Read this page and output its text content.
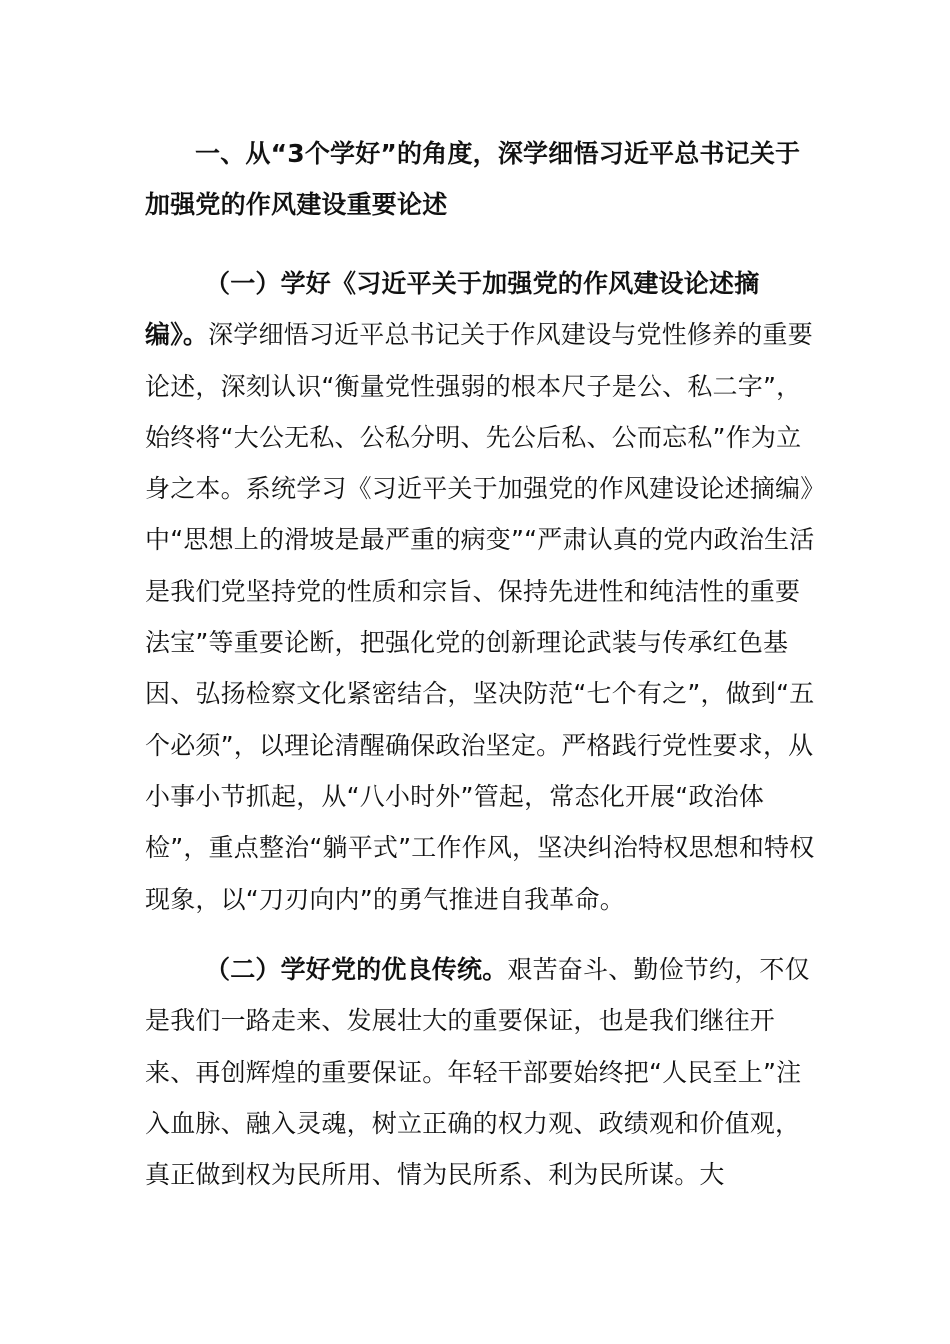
一、从“3个学好”的角度，深学细悟习近平总书记关于加强党的作风建设重要论述

（一）学好《习近平关于加强党的作风建设论述摘编》。深学细悟习近平总书记关于作风建设与党性修养的重要论述，深刻认识“衡量党性强弱的根本尺子是公、私二字”，始终将“大公无私、公私分明、先公后私、公而忘私”作为立身之本。系统学习《习近平关于加强党的作风建设论述摘编》中“思想上的滑坡是最严重的病变”“严肃认真的党内政治生活是我们党坚持党的性质和宗旨、保持先进性和纯洁性的重要法宝”等重要论断，把强化党的创新理论武装与传承红色基因、弘扬检察文化紧密结合，坚决防范“七个有之”，做到“五个必须”，以理论清醒确保政治坚定。严格践行党性要求，从小事小节抓起，从“八小时外”管起，常态化开展“政治体检”，重点整治“躺平式”工作作风，坚决纠治特权思想和特权现象，以“刀刃向内”的勇气推进自我革命。

（二）学好党的优良传统。艰苦奋斗、勤俭节约，不仅是我们一路走来、发展壮大的重要保证，也是我们继往开来、再创辉煌的重要保证。年轻干部要始终把“人民至上”注入血脉、融入灵魂，树立正确的权力观、政绩观和价值观，真正做到权为民所用、情为民所系、利为民所谋。大
